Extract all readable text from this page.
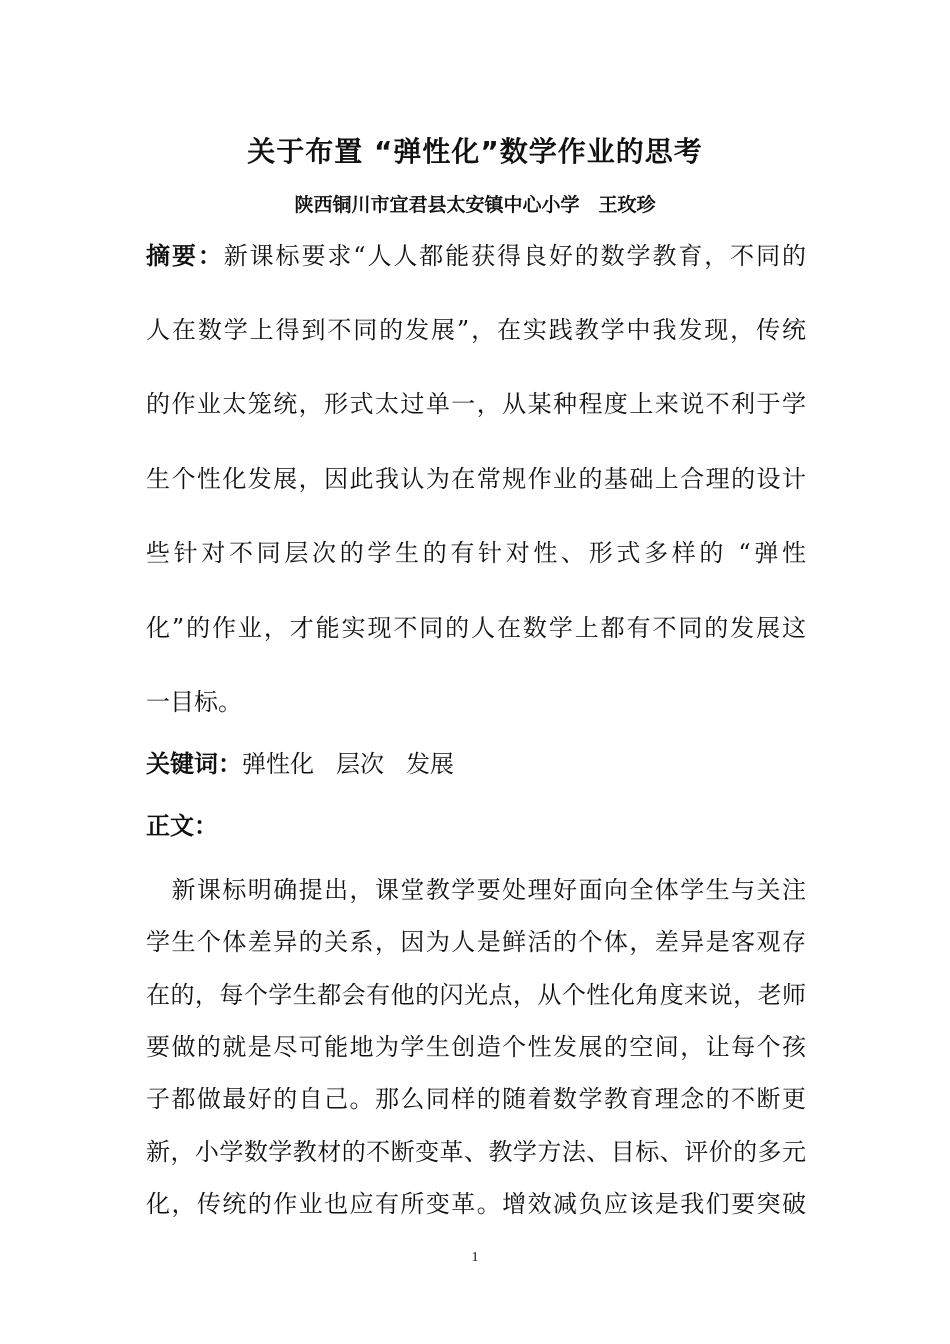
关于布置 “弹性化”数学作业的思考
陕西铜川市宜君县太安镇中心小学　王玫珍
摘要：新课标要求“人人都能获得良好的数学教育，不同的
人在数学上得到不同的发展”，在实践教学中我发现，传统
的作业太笼统，形式太过单一，从某种程度上来说不利于学
生个性化发展，因此我认为在常规作业的基础上合理的设计
些针对不同层次的学生的有针对性、形式多样的 “弹性
化”的作业，才能实现不同的人在数学上都有不同的发展这
一目标。
关键词：弹性化 层次 发展
正文：
新课标明确提出，课堂教学要处理好面向全体学生与关注
学生个体差异的关系，因为人是鲜活的个体，差异是客观存
在的，每个学生都会有他的闪光点，从个性化角度来说，老师
要做的就是尽可能地为学生创造个性发展的空间，让每个孩
子都做最好的自己。那么同样的随着数学教育理念的不断更
新，小学数学教材的不断变革、教学方法、目标、评价的多元
化，传统的作业也应有所变革。增效减负应该是我们要突破
1
